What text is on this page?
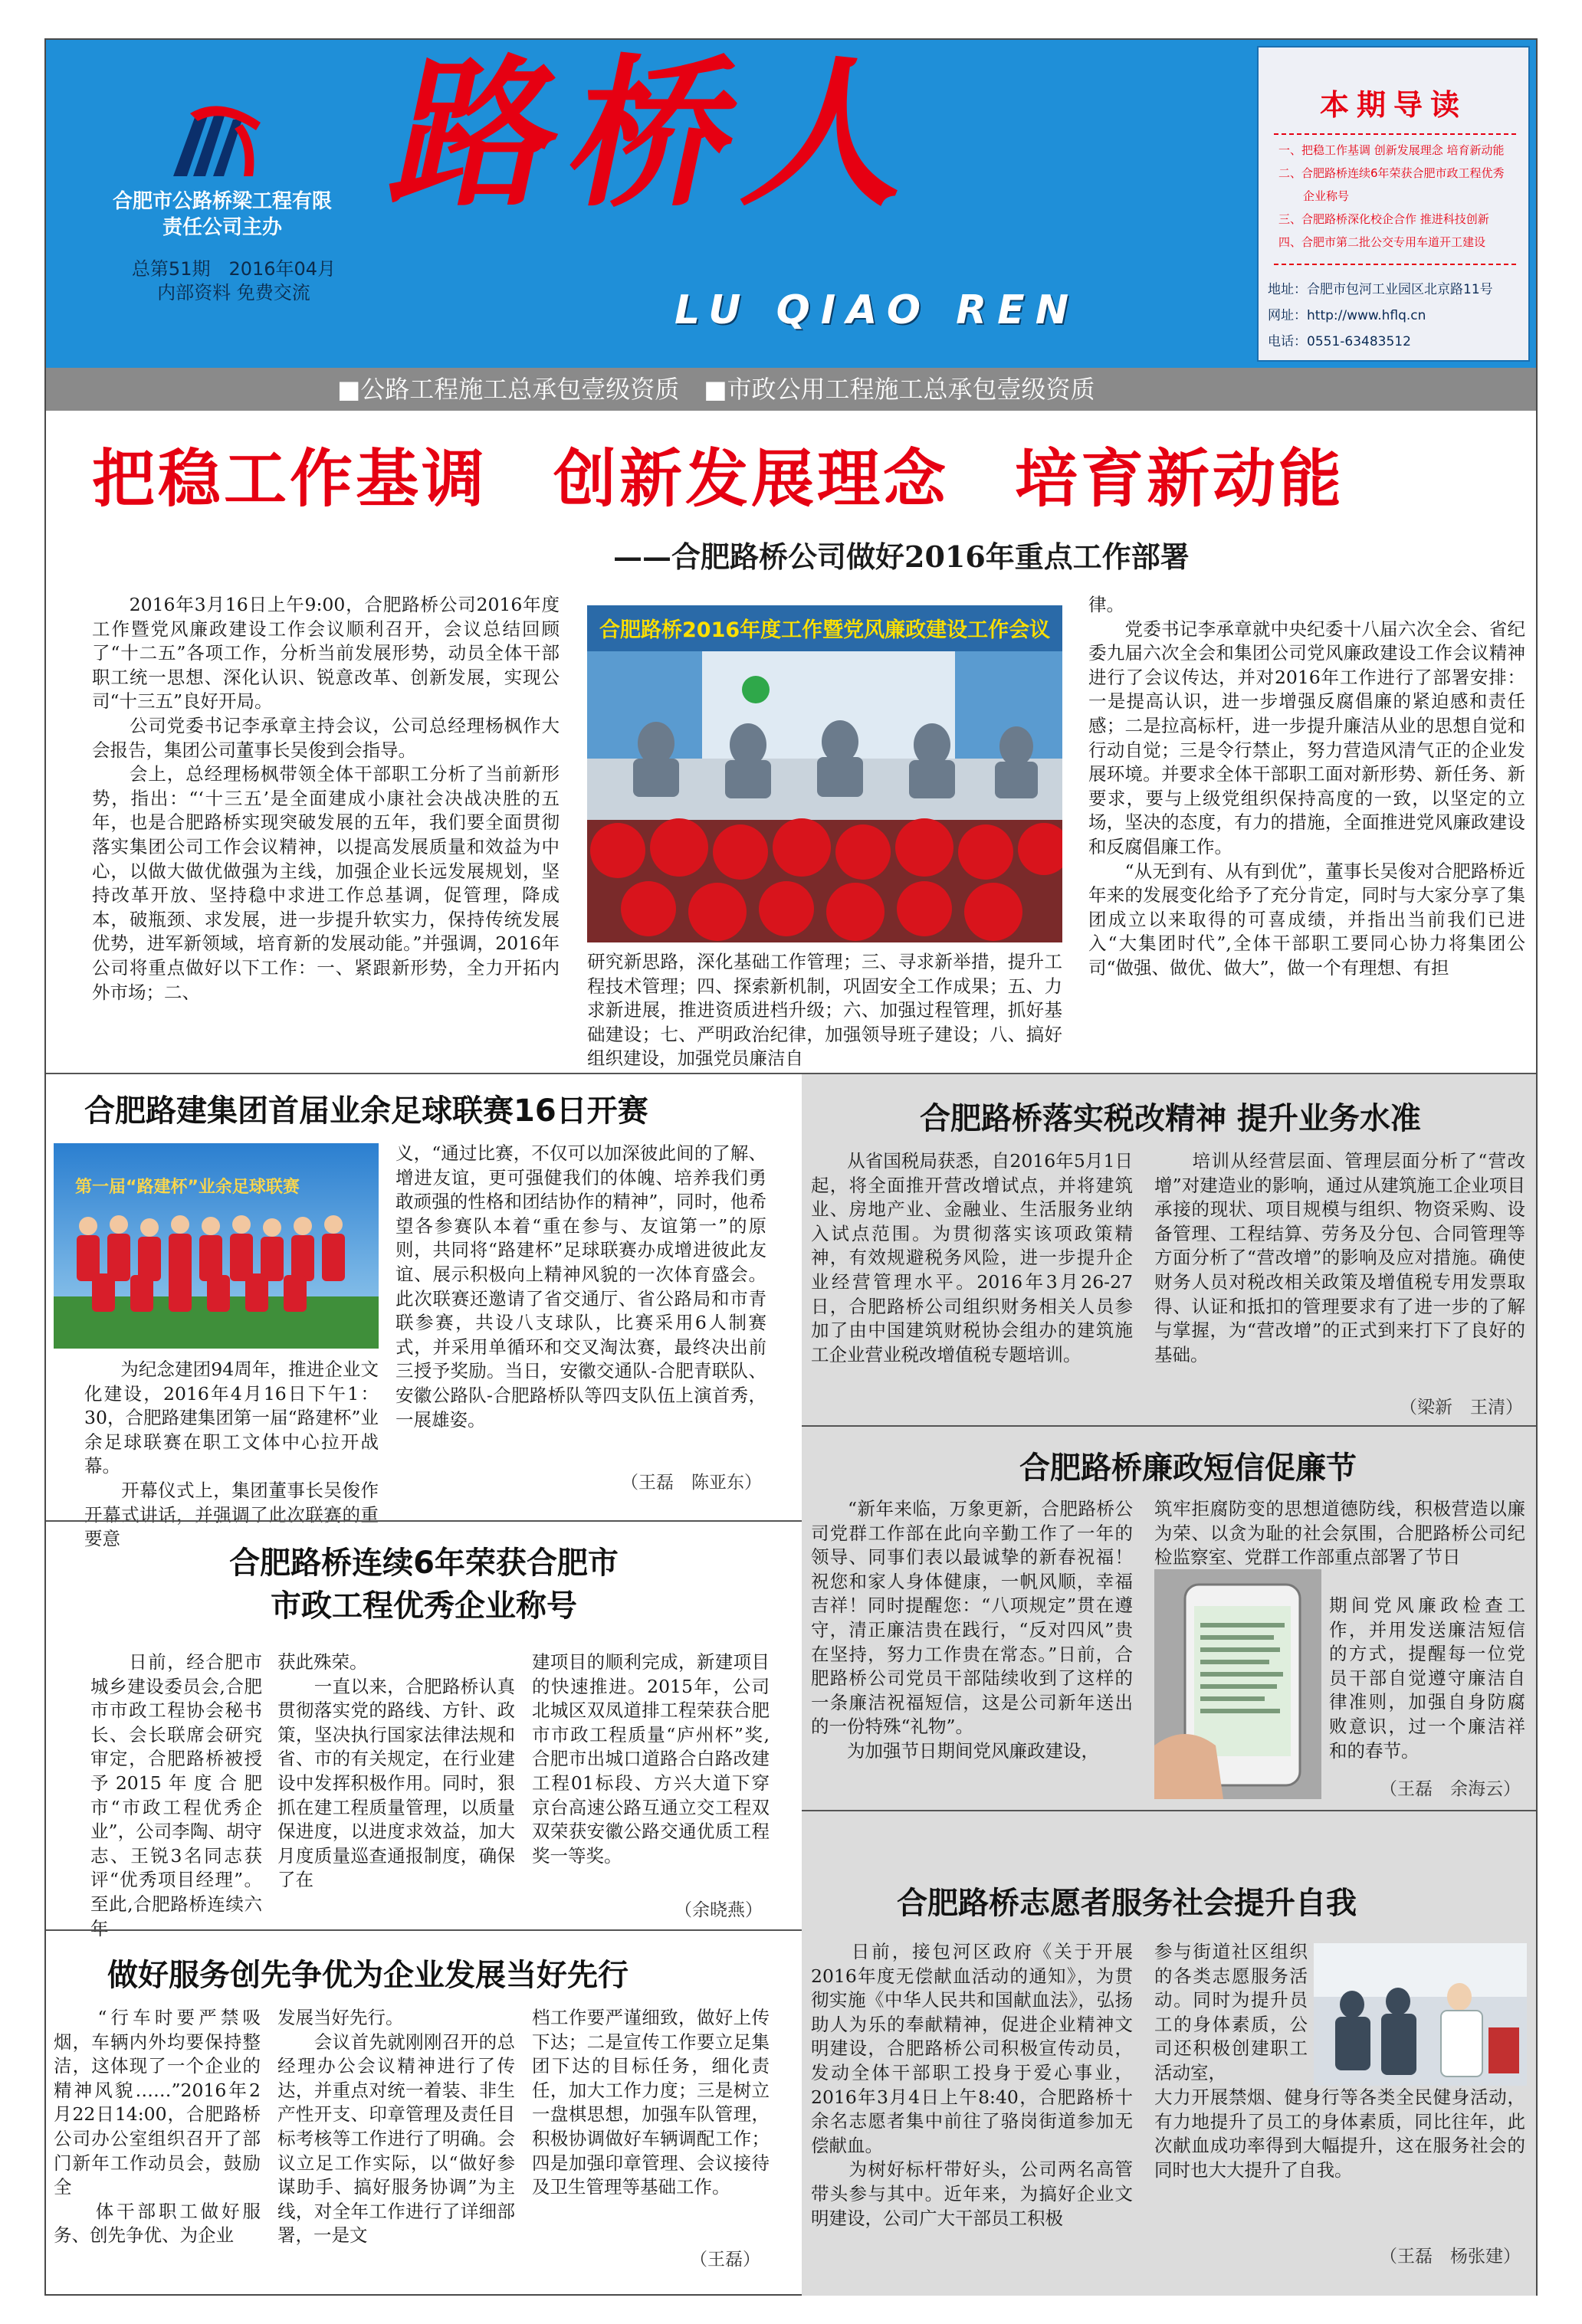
合肥市公路桥梁工程有限责任公司主办
总第51期　2016年04月
内部资料 免费交流
路桥人
LU QIAO REN
本期导读
一、把稳工作基调 创新发展理念 培育新动能
二、合肥路桥连续6年荣获合肥市政工程优秀
企业称号
三、合肥路桥深化校企合作 推进科技创新
四、合肥市第二批公交专用车道开工建设
地址：合肥市包河工业园区北京路11号
网址：http://www.hflq.cn
电话：0551-63483512
■公路工程施工总承包壹级资质　■市政公用工程施工总承包壹级资质
把稳工作基调　创新发展理念　培育新动能
——合肥路桥公司做好2016年重点工作部署

　　2016年3月16日上午9:00，合肥路桥公司2016年度工作暨党风廉政建设工作会议顺利召开，会议总结回顾了“十二五”各项工作，分析当前发展形势，动员全体干部职工统一思想、深化认识、锐意改革、创新发展，实现公司“十三五”良好开局。
　　公司党委书记李承章主持会议，公司总经理杨枫作大会报告，集团公司董事长吴俊到会指导。
　　会上，总经理杨枫带领全体干部职工分析了当前新形势，指出：“‘十三五’是全面建成小康社会决战决胜的五年，也是合肥路桥实现突破发展的五年，我们要全面贯彻落实集团公司工作会议精神，以提高发展质量和效益为中心，以做大做优做强为主线，加强企业长远发展规划，坚持改革开放、坚持稳中求进工作总基调，促管理，降成本，破瓶颈、求发展，进一步提升软实力，保持传统发展优势，进军新领域，培育新的发展动能。”并强调，2016年公司将重点做好以下工作：一、紧跟新形势，全力开拓内外市场；二、

合肥路桥2016年度工作暨党风廉政建设工作会议

研究新思路，深化基础工作管理；三、寻求新举措，提升工程技术管理；四、探索新机制，巩固安全工作成果；五、力求新进展，推进资质进档升级；六、加强过程管理，抓好基础建设；七、严明政治纪律，加强领导班子建设；八、搞好组织建设，加强党员廉洁自

律。
　　党委书记李承章就中央纪委十八届六次全会、省纪委九届六次全会和集团公司党风廉政建设工作会议精神进行了会议传达，并对2016年工作进行了部署安排：一是提高认识，进一步增强反腐倡廉的紧迫感和责任感；二是拉高标杆，进一步提升廉洁从业的思想自觉和行动自觉；三是令行禁止，努力营造风清气正的企业发展环境。并要求全体干部职工面对新形势、新任务、新要求，要与上级党组织保持高度的一致，以坚定的立场，坚决的态度，有力的措施，全面推进党风廉政建设和反腐倡廉工作。
　　“从无到有、从有到优”，董事长吴俊对合肥路桥近年来的发展变化给予了充分肯定，同时与大家分享了集团成立以来取得的可喜成绩，并指出当前我们已进入“大集团时代”,全体干部职工要同心协力将集团公司“做强、做优、做大”，做一个有理想、有担

合肥路建集团首届业余足球联赛16日开赛
第一届“路建杯”业余足球联赛

　　为纪念建团94周年，推进企业文化建设，2016年4月16日下午1：30，合肥路建集团第一届“路建杯”业余足球联赛在职工文体中心拉开战幕。
　　开幕仪式上，集团董事长吴俊作开幕式讲话，并强调了此次联赛的重要意

义，“通过比赛，不仅可以加深彼此间的了解、增进友谊，更可强健我们的体魄、培养我们勇敢顽强的性格和团结协作的精神”，同时，他希望各参赛队本着“重在参与、友谊第一”的原则，共同将“路建杯”足球联赛办成增进彼此友谊、展示积极向上精神风貌的一次体育盛会。此次联赛还邀请了省交通厅、省公路局和市青联参赛，共设八支球队，比赛采用6人制赛式，并采用单循环和交叉淘汰赛，最终决出前三授予奖励。当日，安徽交通队-合肥青联队、安徽公路队-合肥路桥队等四支队伍上演首秀，一展雄姿。

（王磊　陈亚东）
合肥路桥连续6年荣获合肥市
市政工程优秀企业称号

　　日前，经合肥市城乡建设委员会,合肥市市政工程协会秘书长、会长联席会研究审定，合肥路桥被授予2015年度合肥市“市政工程优秀企业”，公司李陶、胡守志、王锐3名同志获评“优秀项目经理”。至此,合肥路桥连续六年

获此殊荣。
　　一直以来，合肥路桥认真贯彻落实党的路线、方针、政策，坚决执行国家法律法规和省、市的有关规定，在行业建设中发挥积极作用。同时，狠抓在建工程质量管理，以质量保进度，以进度求效益，加大月度质量巡查通报制度，确保了在

建项目的顺利完成，新建项目的快速推进。2015年，公司北城区双凤道排工程荣获合肥市市政工程质量“庐州杯”奖,合肥市出城口道路合白路改建工程01标段、方兴大道下穿京台高速公路互通立交工程双双荣获安徽公路交通优质工程奖一等奖。

（余晓燕）
做好服务创先争优为企业发展当好先行

　　“行车时要严禁吸烟，车辆内外均要保持整洁，这体现了一个企业的精神风貌……”2016年2月22日14:00，合肥路桥公司办公室组织召开了部门新年工作动员会，鼓励全
　　体干部职工做好服务、创先争优、为企业

发展当好先行。
　　会议首先就刚刚召开的总经理办公会议精神进行了传达，并重点对统一着装、非生产性开支、印章管理及责任目标考核等工作进行了明确。会议立足工作实际，以“做好参谋助手、搞好服务协调”为主线，对全年工作进行了详细部署，一是文

档工作要严谨细致，做好上传下达；二是宣传工作要立足集团下达的目标任务，细化责任，加大工作力度；三是树立一盘棋思想，加强车队管理，积极协调做好车辆调配工作；四是加强印章管理、会议接待及卫生管理等基础工作。

（王磊）
合肥路桥落实税改精神 提升业务水准

　　从省国税局获悉，自2016年5月1日起，将全面推开营改增试点，并将建筑业、房地产业、金融业、生活服务业纳入试点范围。为贯彻落实该项政策精神，有效规避税务风险，进一步提升企业经营管理水平。2016年3月26-27日，合肥路桥公司组织财务相关人员参加了由中国建筑财税协会组办的建筑施工企业营业税改增值税专题培训。

　　培训从经营层面、管理层面分析了“营改增”对建造业的影响，通过从建筑施工企业项目承接的现状、项目规模与组织、物资采购、设备管理、工程结算、劳务及分包、合同管理等方面分析了“营改增”的影响及应对措施。确使财务人员对税改相关政策及增值税专用发票取得、认证和抵扣的管理要求有了进一步的了解与掌握，为“营改增”的正式到来打下了良好的基础。

（梁新　王清）
合肥路桥廉政短信促廉节

　　“新年来临，万象更新，合肥路桥公司党群工作部在此向辛勤工作了一年的领导、同事们表以最诚挚的新春祝福！祝您和家人身体健康，一帆风顺，幸福吉祥！同时提醒您：“八项规定”贯在遵守，清正廉洁贵在践行，“反对四风”贵在坚持，努力工作贵在常态。”日前，合肥路桥公司党员干部陆续收到了这样的一条廉洁祝福短信，这是公司新年送出的一份特殊“礼物”。
　　为加强节日期间党风廉政建设，

筑牢拒腐防变的思想道德防线，积极营造以廉为荣、以贪为耻的社会氛围，合肥路桥公司纪检监察室、党群工作部重点部署了节日

期间党风廉政检查工作，并用发送廉洁短信的方式，提醒每一位党员干部自觉遵守廉洁自律准则，加强自身防腐败意识，过一个廉洁祥和的春节。

（王磊　余海云）
合肥路桥志愿者服务社会提升自我

　　日前，接包河区政府《关于开展2016年度无偿献血活动的通知》，为贯彻实施《中华人民共和国献血法》，弘扬助人为乐的奉献精神，促进企业精神文明建设，合肥路桥公司积极宣传动员，发动全体干部职工投身于爱心事业，2016年3月4日上午8:40，合肥路桥十余名志愿者集中前往了骆岗街道参加无偿献血。
　　为树好标杆带好头，公司两名高管带头参与其中。近年来，为搞好企业文明建设，公司广大干部员工积极

参与街道社区组织的各类志愿服务活动。同时为提升员工的身体素质，公司还积极创建职工活动室，

大力开展禁烟、健身行等各类全民健身活动，有力地提升了员工的身体素质，同比往年，此次献血成功率得到大幅提升，这在服务社会的同时也大大提升了自我。

（王磊　杨张建）
